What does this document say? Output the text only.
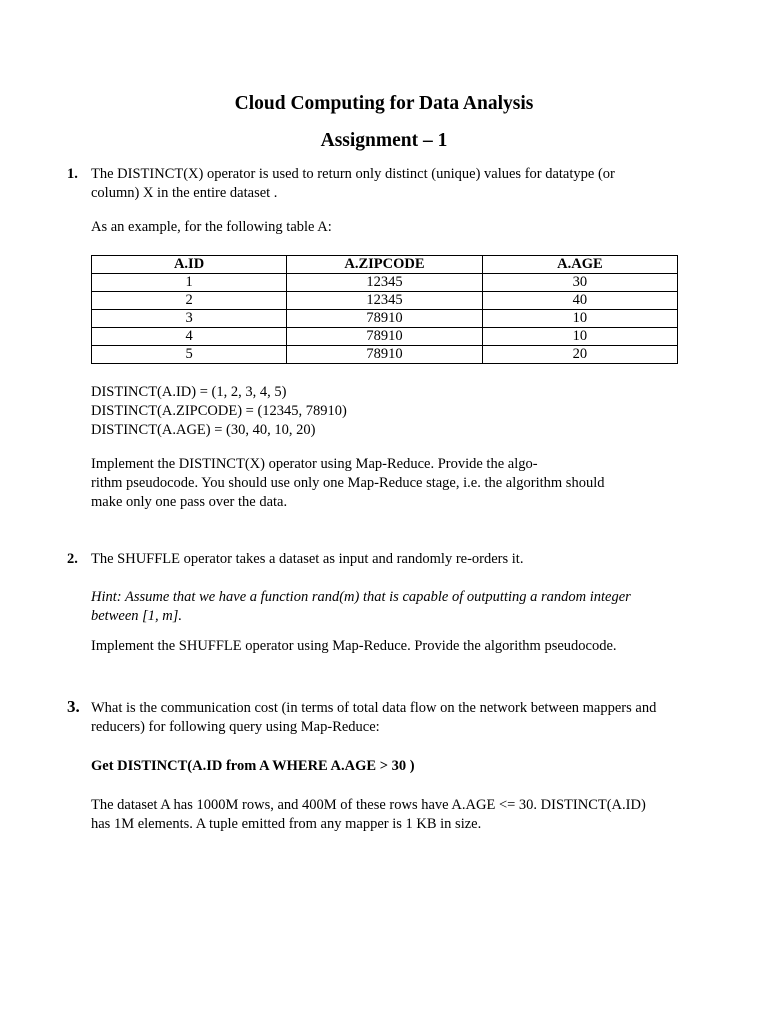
Cloud Computing for Data Analysis
Assignment – 1
1. The DISTINCT(X) operator is used to return only distinct (unique) values for datatype (or
column) X in the entire dataset .
As an example, for the following table A:
A.ID	A.ZIPCODE	A.AGE
1	12345	30
2	12345	40
3	78910	10
4	78910	10
5	78910	20
DISTINCT(A.ID) = (1, 2, 3, 4, 5)
DISTINCT(A.ZIPCODE) = (12345, 78910)
DISTINCT(A.AGE) = (30, 40, 10, 20)
Implement the DISTINCT(X) operator using Map-Reduce. Provide the algo-
rithm pseudocode. You should use only one Map-Reduce stage, i.e. the algorithm should
make only one pass over the data.
2. The SHUFFLE operator takes a dataset as input and randomly re-orders it.
Hint: Assume that we have a function rand(m) that is capable of outputting a random integer
between [1, m].
Implement the SHUFFLE operator using Map-Reduce. Provide the algorithm pseudocode.
3. What is the communication cost (in terms of total data flow on the network between mappers and
reducers) for following query using Map-Reduce:
Get DISTINCT(A.ID from A WHERE A.AGE > 30 )
The dataset A has 1000M rows, and 400M of these rows have A.AGE <= 30. DISTINCT(A.ID)
has 1M elements. A tuple emitted from any mapper is 1 KB in size.
